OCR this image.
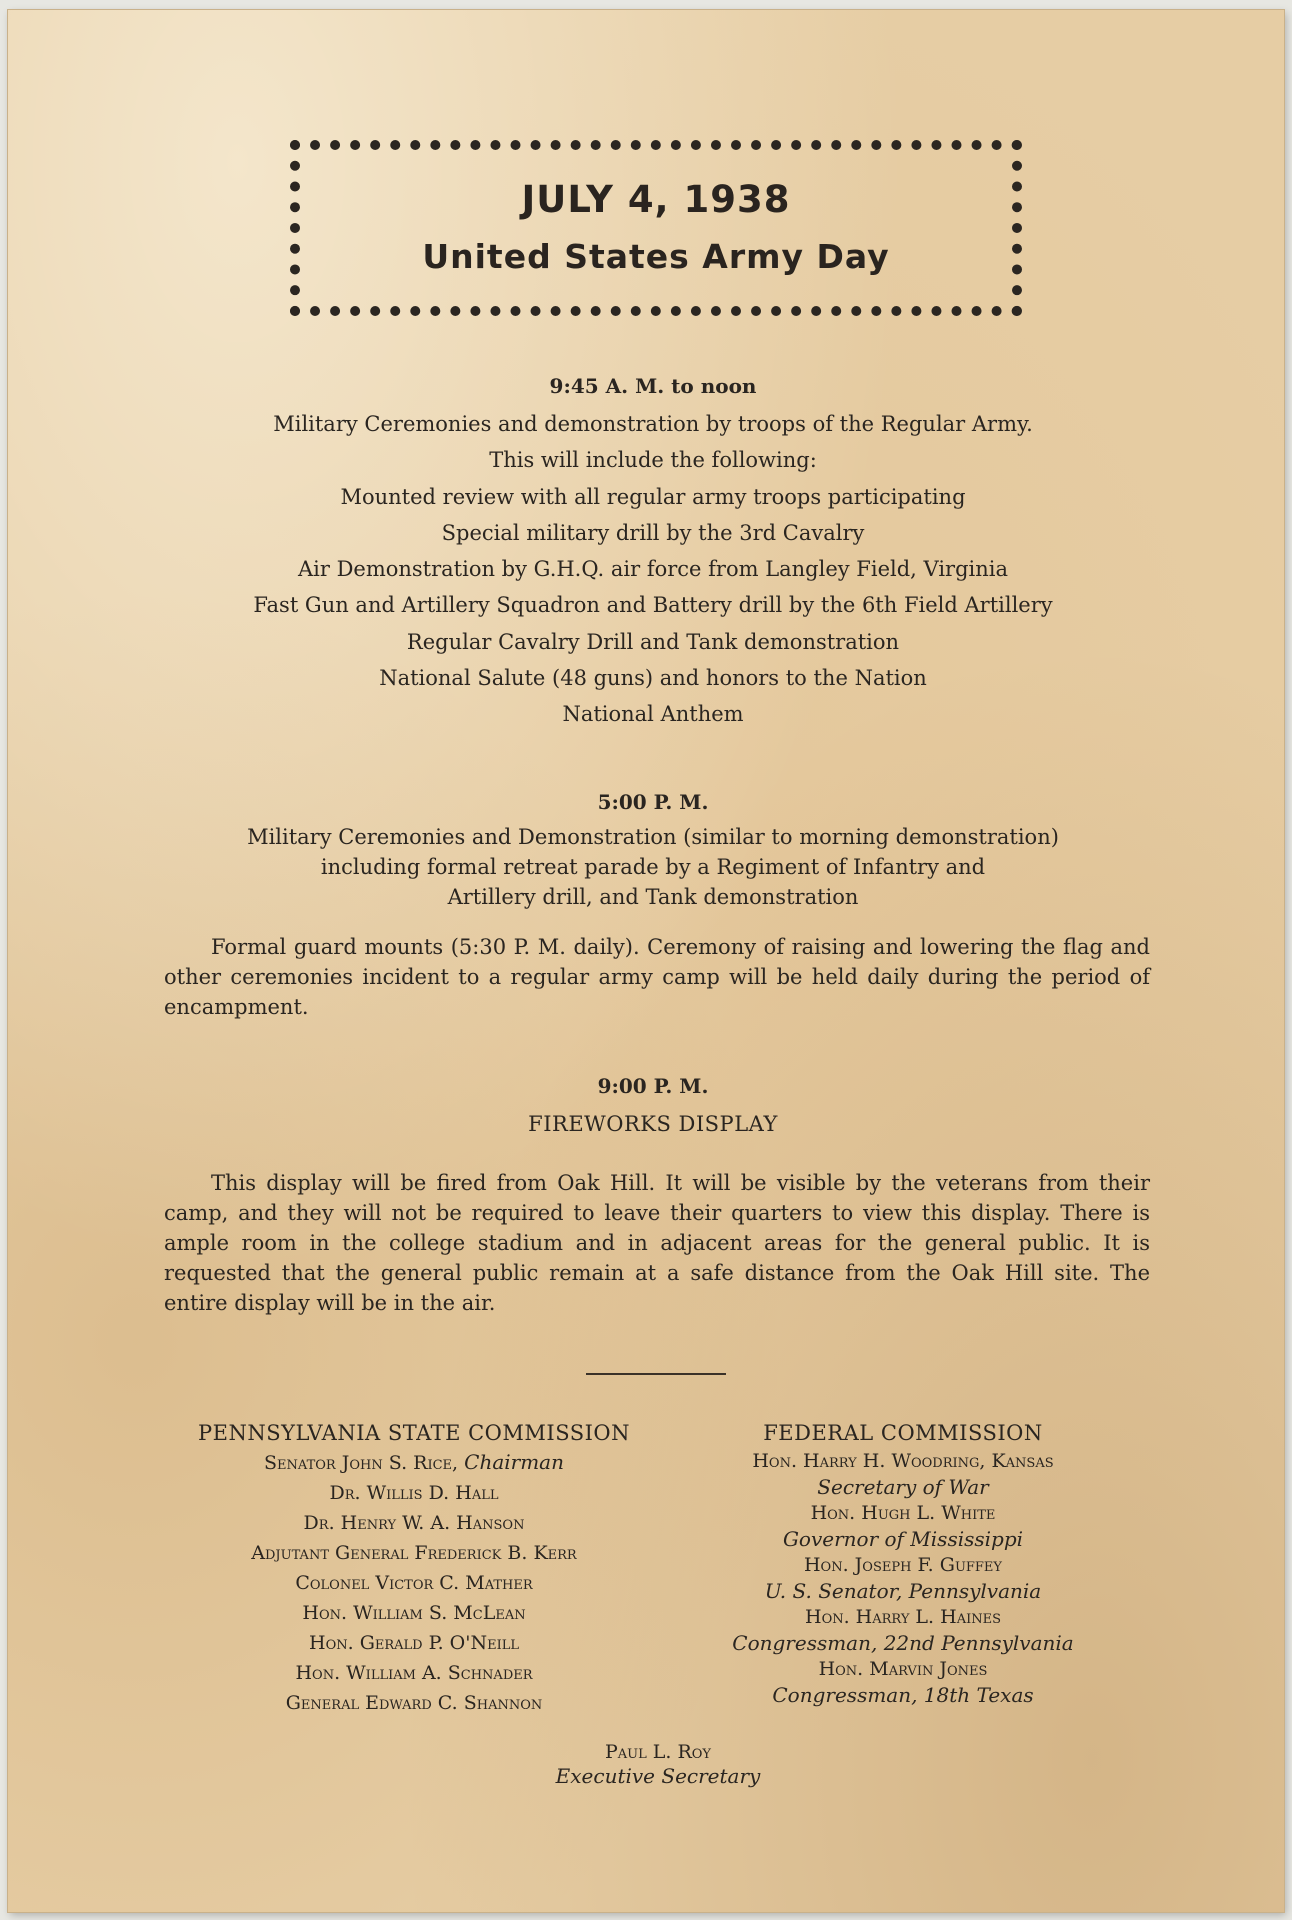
JULY 4, 1938
United States Army Day
9:45 A. M. to noon
Military Ceremonies and demonstration by troops of the Regular Army.
This will include the following:
Mounted review with all regular army troops participating
Special military drill by the 3rd Cavalry
Air Demonstration by G.H.Q. air force from Langley Field, Virginia
Fast Gun and Artillery Squadron and Battery drill by the 6th Field Artillery
Regular Cavalry Drill and Tank demonstration
National Salute (48 guns) and honors to the Nation
National Anthem
5:00 P. M.
Military Ceremonies and Demonstration (similar to morning demonstration)
including formal retreat parade by a Regiment of Infantry and
Artillery drill, and Tank demonstration
Formal guard mounts (5:30 P. M. daily). Ceremony of raising and lowering the flag and other ceremonies incident to a regular army camp will be held daily during the period of encampment.
9:00 P. M.
FIREWORKS DISPLAY
This display will be fired from Oak Hill. It will be visible by the veterans from their camp, and they will not be required to leave their quarters to view this display. There is ample room in the college stadium and in adjacent areas for the general public. It is requested that the general public remain at a safe distance from the Oak Hill site. The entire display will be in the air.
PENNSYLVANIA STATE COMMISSION
Senator John S. Rice, Chairman
Dr. Willis D. Hall
Dr. Henry W. A. Hanson
Adjutant General Frederick B. Kerr
Colonel Victor C. Mather
Hon. William S. McLean
Hon. Gerald P. O'Neill
Hon. William A. Schnader
General Edward C. Shannon
FEDERAL COMMISSION
Hon. Harry H. Woodring, Kansas
Secretary of War
Hon. Hugh L. White
Governor of Mississippi
Hon. Joseph F. Guffey
U. S. Senator, Pennsylvania
Hon. Harry L. Haines
Congressman, 22nd Pennsylvania
Hon. Marvin Jones
Congressman, 18th Texas
Paul L. Roy
Executive Secretary
